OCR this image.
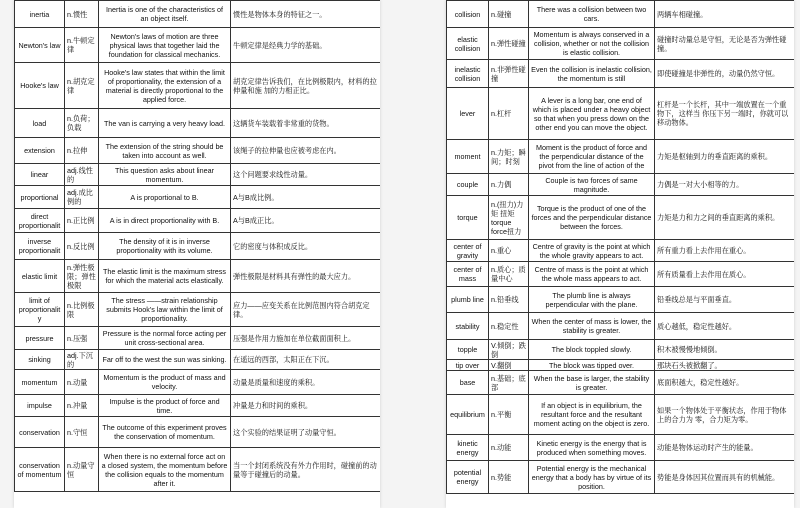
inertia	n.惯性	Inertia is one of the characteristics of an object itself.	惯性是物体本身的特征之一。
Newton's law	n.牛顿定律	Newton's laws of motion are three physical laws that together laid the foundation for classical mechanics.	牛顿定律是经典力学的基础。
Hooke's law	n.胡克定律	Hooke's law states that within the limit of proportionality, the extension of a material is directly proportional to the applied force.	胡克定律告诉我们，在比例极限内，材料的拉伸量和施 加的力相正比。
load	n.负荷；负载	The van is carrying a very heavy load.	这辆货车装载着非常重的货物。
extension	n.拉伸	The extension of the string should be taken into account as well.	该绳子的拉伸量也应被考虑在内。
linear	adj.线性的	This question asks about linear momentum.	这个问题要求线性动量。
proportional	adj.成比例的	A is proportional to B.	A与B成比例。
direct proportionalit	n.正比例	A is in direct proportionality with B.	A与B成正比。
inverse proportionalit	n.反比例	The density of it is in inverse proportionality with its volume.	它的密度与体积成反比。
elastic limit	n.弹性极限；弹性极限	The elastic limit is the maximum stress for which the material acts elastically.	弹性极限是材料具有弹性的最大应力。
limit of proportionalit y	n.比例极限	The stress ——strain relationship submits Hook's law within the limit of proportionality.	应力——应变关系在比例范围内符合胡克定律。
pressure	n.压强	Pressure is the normal force acting per unit cross-sectional area.	压强是作用力施加在单位截面面积上。
sinking	adj.下沉的	Far off to the west the sun was sinking.	在遥远的西部，太阳正在下沉。
momentum	n.动量	Momentum is the product of mass and velocity.	动量是质量和速度的乘积。
impulse	n.冲量	Impulse is the product of force and time.	冲量是力和时间的乘积。
conservation	n.守恒	The outcome of this experiment proves the conservation of momentum.	这个实验的结果证明了动量守恒。
conservation of momentum	n.动量守恒	When there is no external force act on a closed system, the momentum before the collision equals to the momentum after it.	当一个封闭系统没有外力作用时，碰撞前的动量等于碰撞后的动量。
collision	n.碰撞	There was a collision between two cars.	两辆车相碰撞。
elastic collision	n.弹性碰撞	Momentum is always conserved in a collision, whether or not the collision is elastic collision.	碰撞时动量总是守恒，无论是否为弹性碰撞。
inelastic collision	n.非弹性碰撞	Even the collision is inelastic collision, the momentum is still	即使碰撞是非弹性的，动量仍然守恒。
lever	n.杠杆	A lever is a long bar, one end of which is placed under a heavy object so that when you press down on the other end you can move the object.	杠杆是一个长杆，其中一端放置在一个重物下，这样当 你压下另一端时，你就可以移动物体。
moment	n.力矩；瞬间；时刻	Moment is the product of force and the perpendicular distance of the pivot from the line of action of the	力矩是枢轴到力的垂直距离的乘积。
couple	n.力偶	Couple is two forces of same magnitude.	力偶是一对大小相等的力。
torque	n.(扭力)力矩 扭矩 torque force扭力	Torque is the product of one of the forces and the perpendicular distance between the forces.	力矩是力和力之间的垂直距离的乘积。
center of gravity	n.重心	Centre of gravity is the point at which the whole gravity appears to act.	所有重力看上去作用在重心。
center of mass	n.质心；质量中心	Centre of mass is the point at which the whole mass appears to act.	所有质量看上去作用在质心。
plumb line	n.铅垂线	The plumb line is always perpendicular with the plane.	铅垂线总是与平面垂直。
stability	n.稳定性	When the center of mass is lower, the stability is greater.	质心越低，稳定性越好。
topple	V.倾倒；跌倒	The block toppled slowly.	积木被慢慢地倾倒。
tip over	V.翻倒	The block was tipped over.	那块石头被掀翻了。
base	n.基础；底部	When the base is larger, the stability is greater.	底面积越大，稳定性越好。
equilibrium	n.平衡	If an object is in equilibrium, the resultant force and the resultant moment acting on the object is zero.	如果一个物体处于平衡状态，作用于物体上的合力为 零，合力矩为零。
kinetic energy	n.动能	Kinetic energy is the energy that is produced when something moves.	动能是物体运动时产生的能量。
potential energy	n.势能	Potential energy is the mechanical energy that a body has by virtue of its position.	势能是身体因其位置而具有的机械能。
